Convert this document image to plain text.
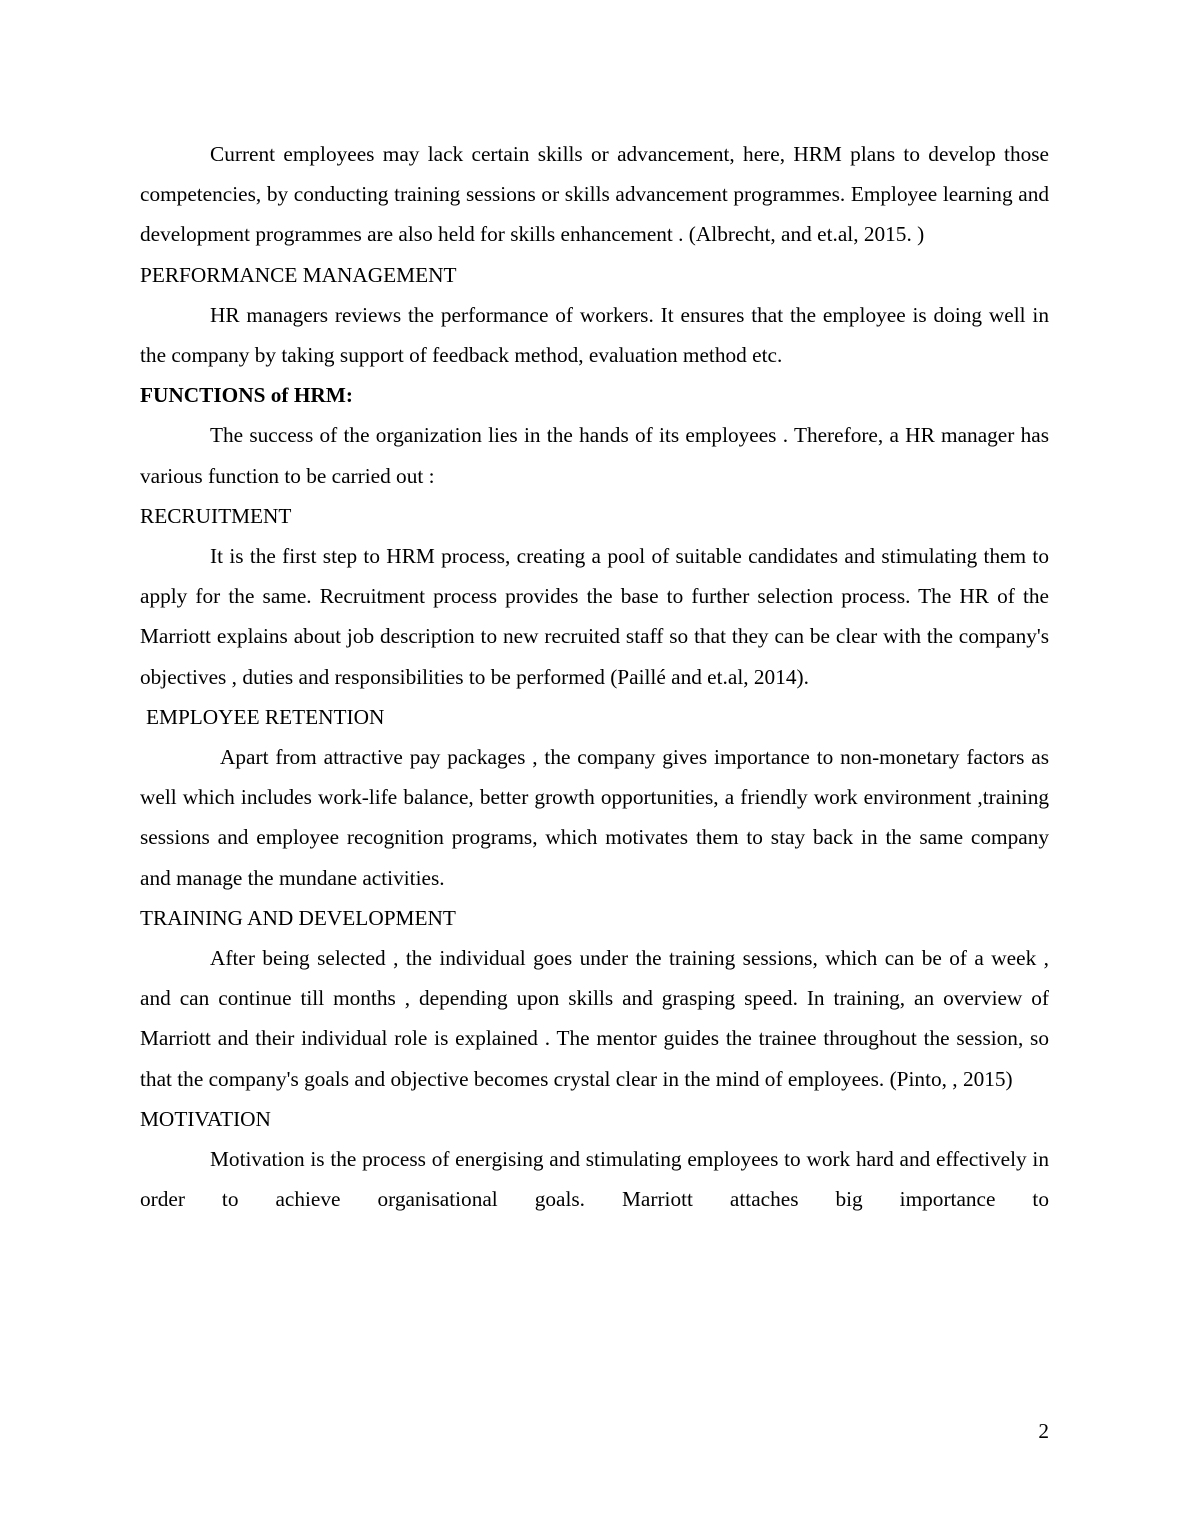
Current employees may lack certain skills or advancement, here, HRM plans to develop those competencies, by conducting training sessions or skills advancement programmes. Employee learning and development programmes are also held for skills enhancement . (Albrecht, and et.al, 2015. )

PERFORMANCE MANAGEMENT

HR managers reviews the performance of workers. It ensures that the employee is doing well in the company by taking support of feedback method, evaluation method etc.

FUNCTIONS of HRM:

The success of the organization lies in the hands of its employees . Therefore, a HR manager has various function to be carried out :

RECRUITMENT

It is the first step to HRM process, creating a pool of suitable candidates and stimulating them to apply for the same. Recruitment process provides the base to further selection process. The HR of the Marriott explains about job description to new recruited staff so that they can be clear with the company's objectives , duties and responsibilities to be performed (Paillé and et.al, 2014).

EMPLOYEE RETENTION

Apart from attractive pay packages , the company gives importance to non-monetary factors as well which includes work-life balance, better growth opportunities, a friendly work environment ,training sessions and employee recognition programs, which motivates them to stay back in the same company and manage the mundane activities.

TRAINING AND DEVELOPMENT

After being selected , the individual goes under the training sessions, which can be of a week , and can continue till months , depending upon skills and grasping speed. In training, an overview of Marriott and their individual role is explained . The mentor guides the trainee throughout the session, so that the company's goals and objective becomes crystal clear in the mind of employees. (Pinto, , 2015)

MOTIVATION

Motivation is the process of energising and stimulating employees to work hard and effectively in order to achieve organisational goals. Marriott attaches big importance to

2
